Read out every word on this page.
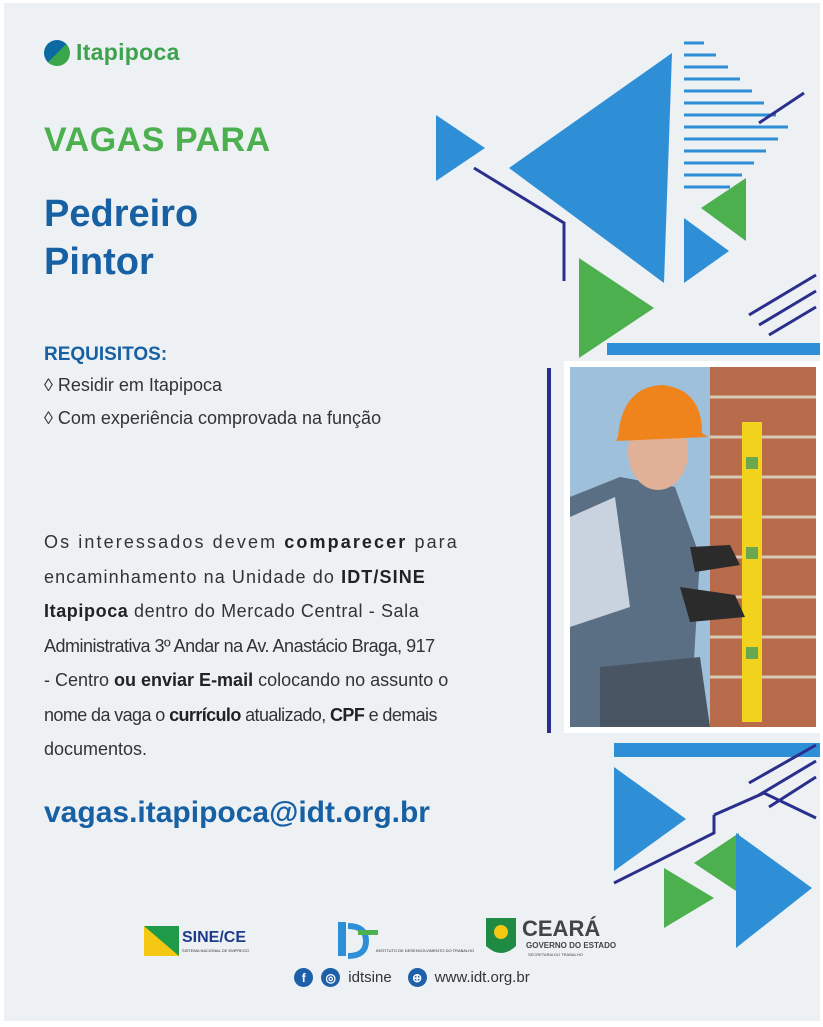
Itapipoca
VAGAS PARA
Pedreiro
Pintor
REQUISITOS:
◊ Residir em Itapipoca
◊ Com experiência comprovada na função
Os interessados devem comparecer para
encaminhamento na Unidade do IDT/SINE
Itapipoca dentro do Mercado Central - Sala
Administrativa 3º Andar na Av. Anastácio Braga, 917
- Centro ou enviar E-mail colocando no assunto o
nome da vaga o currículo atualizado, CPF e demais
documentos.
vagas.itapipoca@idt.org.br
SINE/CE
SISTEMA NACIONAL DE EMPREGO	INSTITUTO DE DESENVOLVIMENTO DO TRABALHO
CEARÁ
GOVERNO DO ESTADO
SECRETARIA DO TRABALHO
f	◎ idtsine	⊕ www.idt.org.br
